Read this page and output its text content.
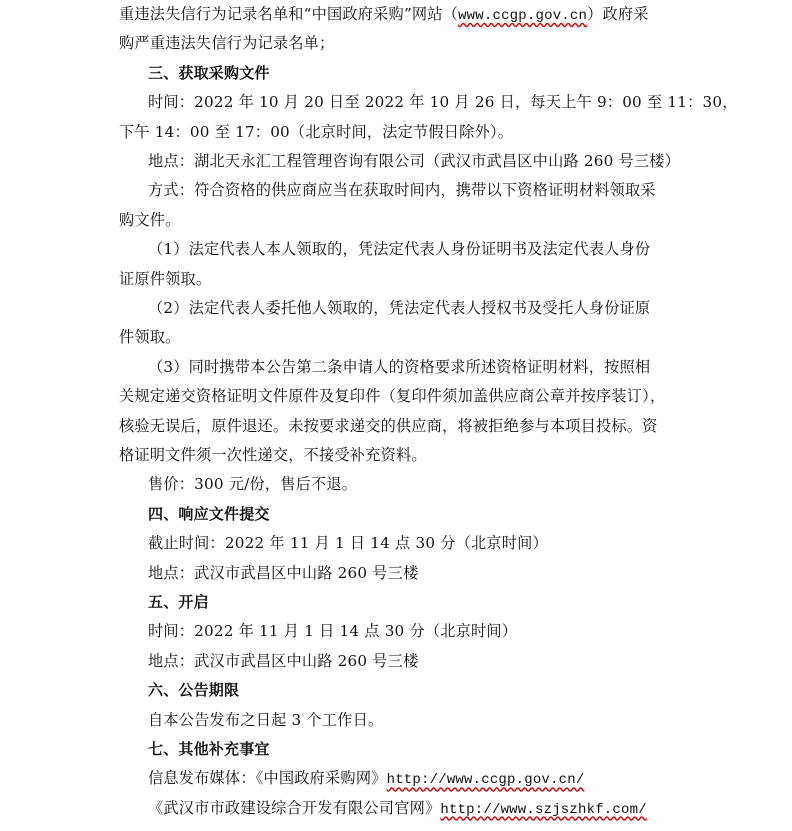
重违法失信行为记录名单和“中国政府采购”网站（www.ccgp.gov.cn）政府采
购严重违法失信行为记录名单；
三、获取采购文件
时间：2022 年 10 月 20 日至 2022 年 10 月 26 日，每天上午 9：00 至 11：30，
下午 14：00 至 17：00（北京时间，法定节假日除外）。
地点：湖北天永汇工程管理咨询有限公司（武汉市武昌区中山路 260 号三楼）
方式：符合资格的供应商应当在获取时间内，携带以下资格证明材料领取采
购文件。
（1）法定代表人本人领取的，凭法定代表人身份证明书及法定代表人身份
证原件领取。
（2）法定代表人委托他人领取的，凭法定代表人授权书及受托人身份证原
件领取。
（3）同时携带本公告第二条申请人的资格要求所述资格证明材料，按照相
关规定递交资格证明文件原件及复印件（复印件须加盖供应商公章并按序装订），
核验无误后，原件退还。未按要求递交的供应商，将被拒绝参与本项目投标。资
格证明文件须一次性递交，不接受补充资料。
售价：300 元/份，售后不退。
四、响应文件提交
截止时间：2022 年 11 月 1 日 14 点 30 分（北京时间）
地点：武汉市武昌区中山路 260 号三楼
五、开启
时间：2022 年 11 月 1 日 14 点 30 分（北京时间）
地点：武汉市武昌区中山路 260 号三楼
六、公告期限
自本公告发布之日起 3 个工作日。
七、其他补充事宜
信息发布媒体：《中国政府采购网》http://www.ccgp.gov.cn/
《武汉市市政建设综合开发有限公司官网》http://www.szjszhkf.com/
